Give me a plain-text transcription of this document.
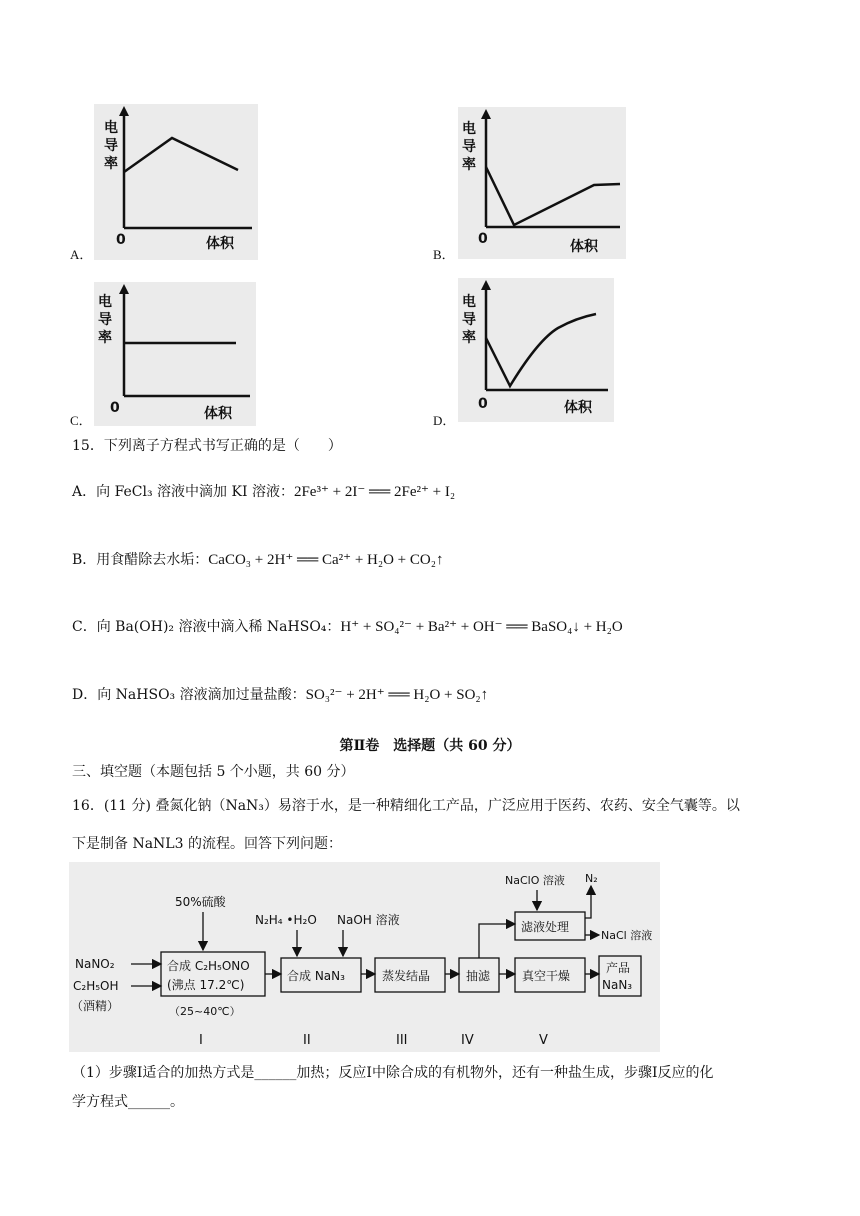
A．
电
导
率
0	体积
B．
电
导
率
0	体积
C．
电
导
率
0	体积	D．
电
导
率
0	体积
15．下列离子方程式书写正确的是（　　）
A．向 FeCl₃ 溶液中滴加 KI 溶液：2Fe³⁺ + 2I⁻ ══ 2Fe²⁺ + I₂
B．用食醋除去水垢：CaCO₃ + 2H⁺ ══ Ca²⁺ + H₂O + CO₂↑
C．向 Ba(OH)₂ 溶液中滴入稀 NaHSO₄：H⁺ + SO₄²⁻ + Ba²⁺ + OH⁻ ══ BaSO₄↓ + H₂O
D．向 NaHSO₃ 溶液滴加过量盐酸：SO₃²⁻ + 2H⁺ ══ H₂O + SO₂↑
第Ⅱ卷　选择题（共 60 分）
三、填空题（本题包括 5 个小题，共 60 分）
16．(11 分) 叠氮化钠（NaN₃）易溶于水，是一种精细化工产品，广泛应用于医药、农药、安全气囊等。以
下是制备 NaNL3 的流程。回答下列问题：
NaNO₂
C₂H₅OH
（酒精）
50%硫酸
合成 C₂H₅ONO
(沸点 17.2℃)
（25~40℃）
N₂H₄ •H₂O NaOH 溶液
合成 NaN₃	蒸发结晶	抽滤
滤液处理
NaClO 溶液 N₂
NaCl 溶液
真空干燥
产品
NaN₃
I	II	III	IV	V
（1）步骤Ⅰ适合的加热方式是______加热；反应Ⅰ中除合成的有机物外，还有一种盐生成，步骤Ⅰ反应的化
学方程式______。
